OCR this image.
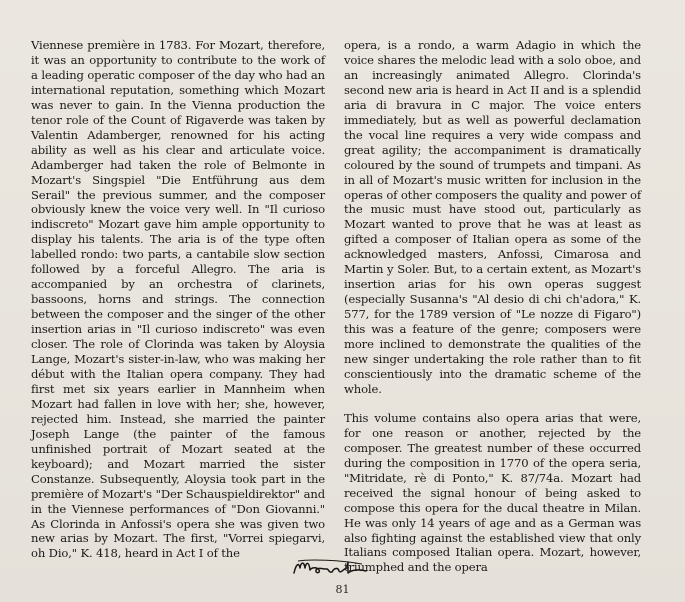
Viennese première in 1783. For Mozart, therefore, it was an opportunity to contribute to the work of a leading operatic composer of the day who had an international reputation, something which Mozart was never to gain. In the Vienna production the tenor role of the Count of Rigaverde was taken by Valentin Adamberger, renowned for his acting ability as well as his clear and articulate voice. Adamberger had taken the role of Belmonte in Mozart's Singspiel "Die Entführung aus dem Serail" the previous summer, and the composer obviously knew the voice very well. In "Il curioso indiscreto" Mozart gave him ample opportunity to display his talents. The aria is of the type often labelled rondo: two parts, a cantabile slow section followed by a forceful Allegro. The aria is accompanied by an orchestra of clarinets, bassoons, horns and strings. The connection between the composer and the singer of the other insertion arias in "Il curioso indiscreto" was even closer. The role of Clorinda was taken by Aloysia Lange, Mozart's sister-in-law, who was making her début with the Italian opera company. They had first met six years earlier in Mannheim when Mozart had fallen in love with her; she, however, rejected him. Instead, she married the painter Joseph Lange (the painter of the famous unfinished portrait of Mozart seated at the keyboard); and Mozart married the sister Constanze. Subsequently, Aloysia took part in the première of Mozart's "Der Schauspieldirektor" and in the Viennese performances of "Don Giovanni." As Clorinda in Anfossi's opera she was given two new arias by Mozart. The first, "Vorrei spiegarvi, oh Dio," K. 418, heard in Act I of the

opera, is a rondo, a warm Adagio in which the voice shares the melodic lead with a solo oboe, and an increasingly animated Allegro. Clorinda's second new aria is heard in Act II and is a splendid aria di bravura in C major. The voice enters immediately, but as well as powerful declamation the vocal line requires a very wide compass and great agility; the accompaniment is dramatically coloured by the sound of trumpets and timpani. As in all of Mozart's music written for inclusion in the operas of other composers the quality and power of the music must have stood out, particularly as Mozart wanted to prove that he was at least as gifted a composer of Italian opera as some of the acknowledged masters, Anfossi, Cimarosa and Martin y Soler. But, to a certain extent, as Mozart's insertion arias for his own operas suggest (especially Susanna's "Al desio di chi ch'adora," K. 577, for the 1789 version of "Le nozze di Figaro") this was a feature of the genre; composers were more inclined to demonstrate the qualities of the new singer undertaking the role rather than to fit conscientiously into the dramatic scheme of the whole.

This volume contains also opera arias that were, for one reason or another, rejected by the composer. The greatest number of these occurred during the composition in 1770 of the opera seria, "Mitridate, rè di Ponto," K. 87/74a. Mozart had received the signal honour of being asked to compose this opera for the ducal theatre in Milan. He was only 14 years of age and as a German was also fighting against the established view that only Italians composed Italian opera. Mozart, however, triumphed and the opera

81
